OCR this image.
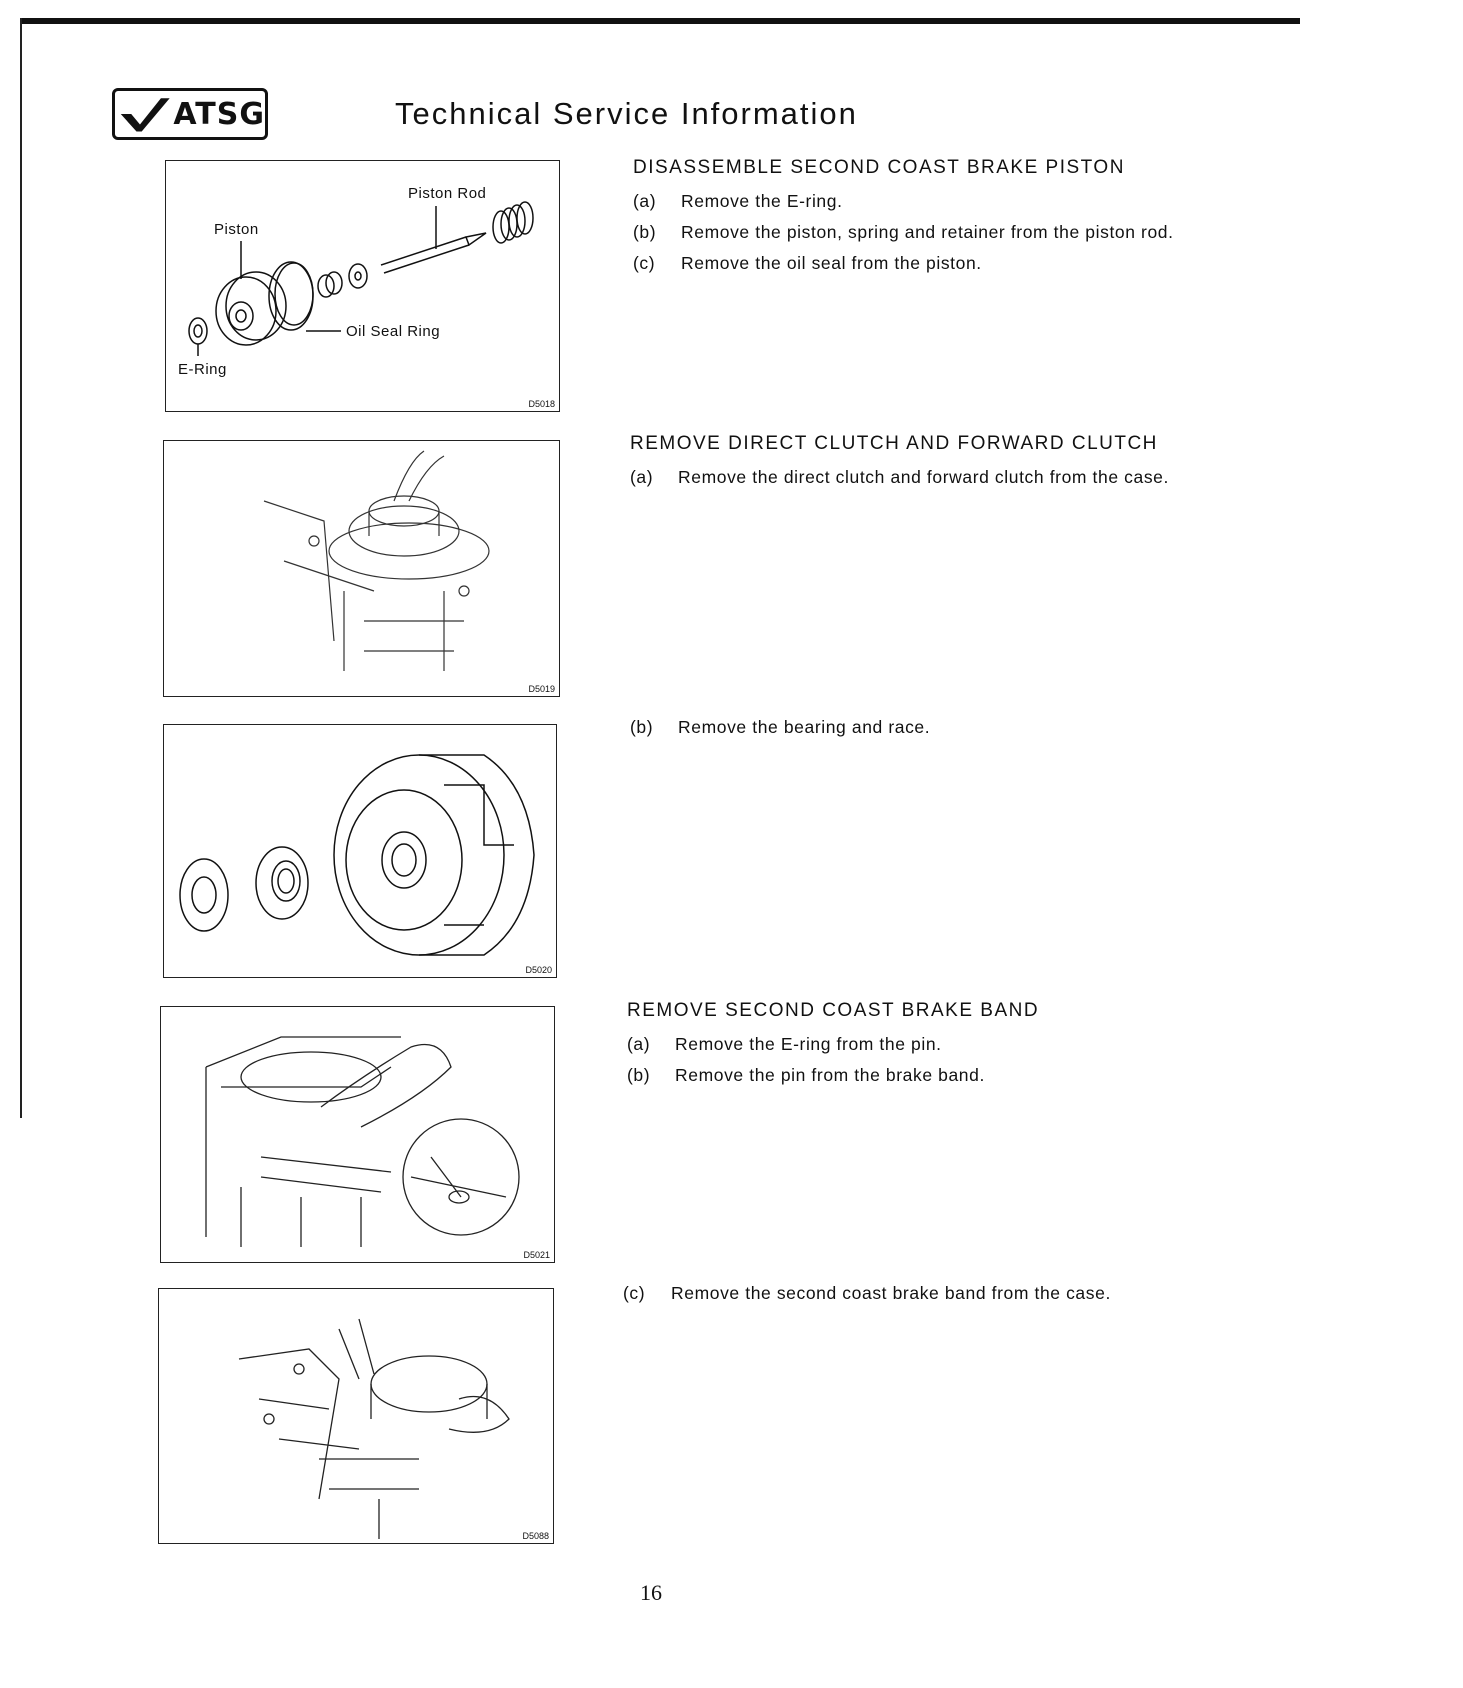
ATSG	Technical Service Information
Piston Rod
Piston
Oil Seal Ring
E-Ring
D5018
D5019
D5020
D5021
D5088
DISASSEMBLE SECOND COAST BRAKE PISTON
(a) Remove the E-ring.
(b) Remove the piston, spring and retainer from the piston rod.
(c) Remove the oil seal from the piston.
REMOVE DIRECT CLUTCH AND FORWARD CLUTCH
(a) Remove the direct clutch and forward clutch from the case.
(b) Remove the bearing and race.
REMOVE SECOND COAST BRAKE BAND
(a) Remove the E-ring from the pin.
(b) Remove the pin from the brake band.
(c) Remove the second coast brake band from the case.
16
